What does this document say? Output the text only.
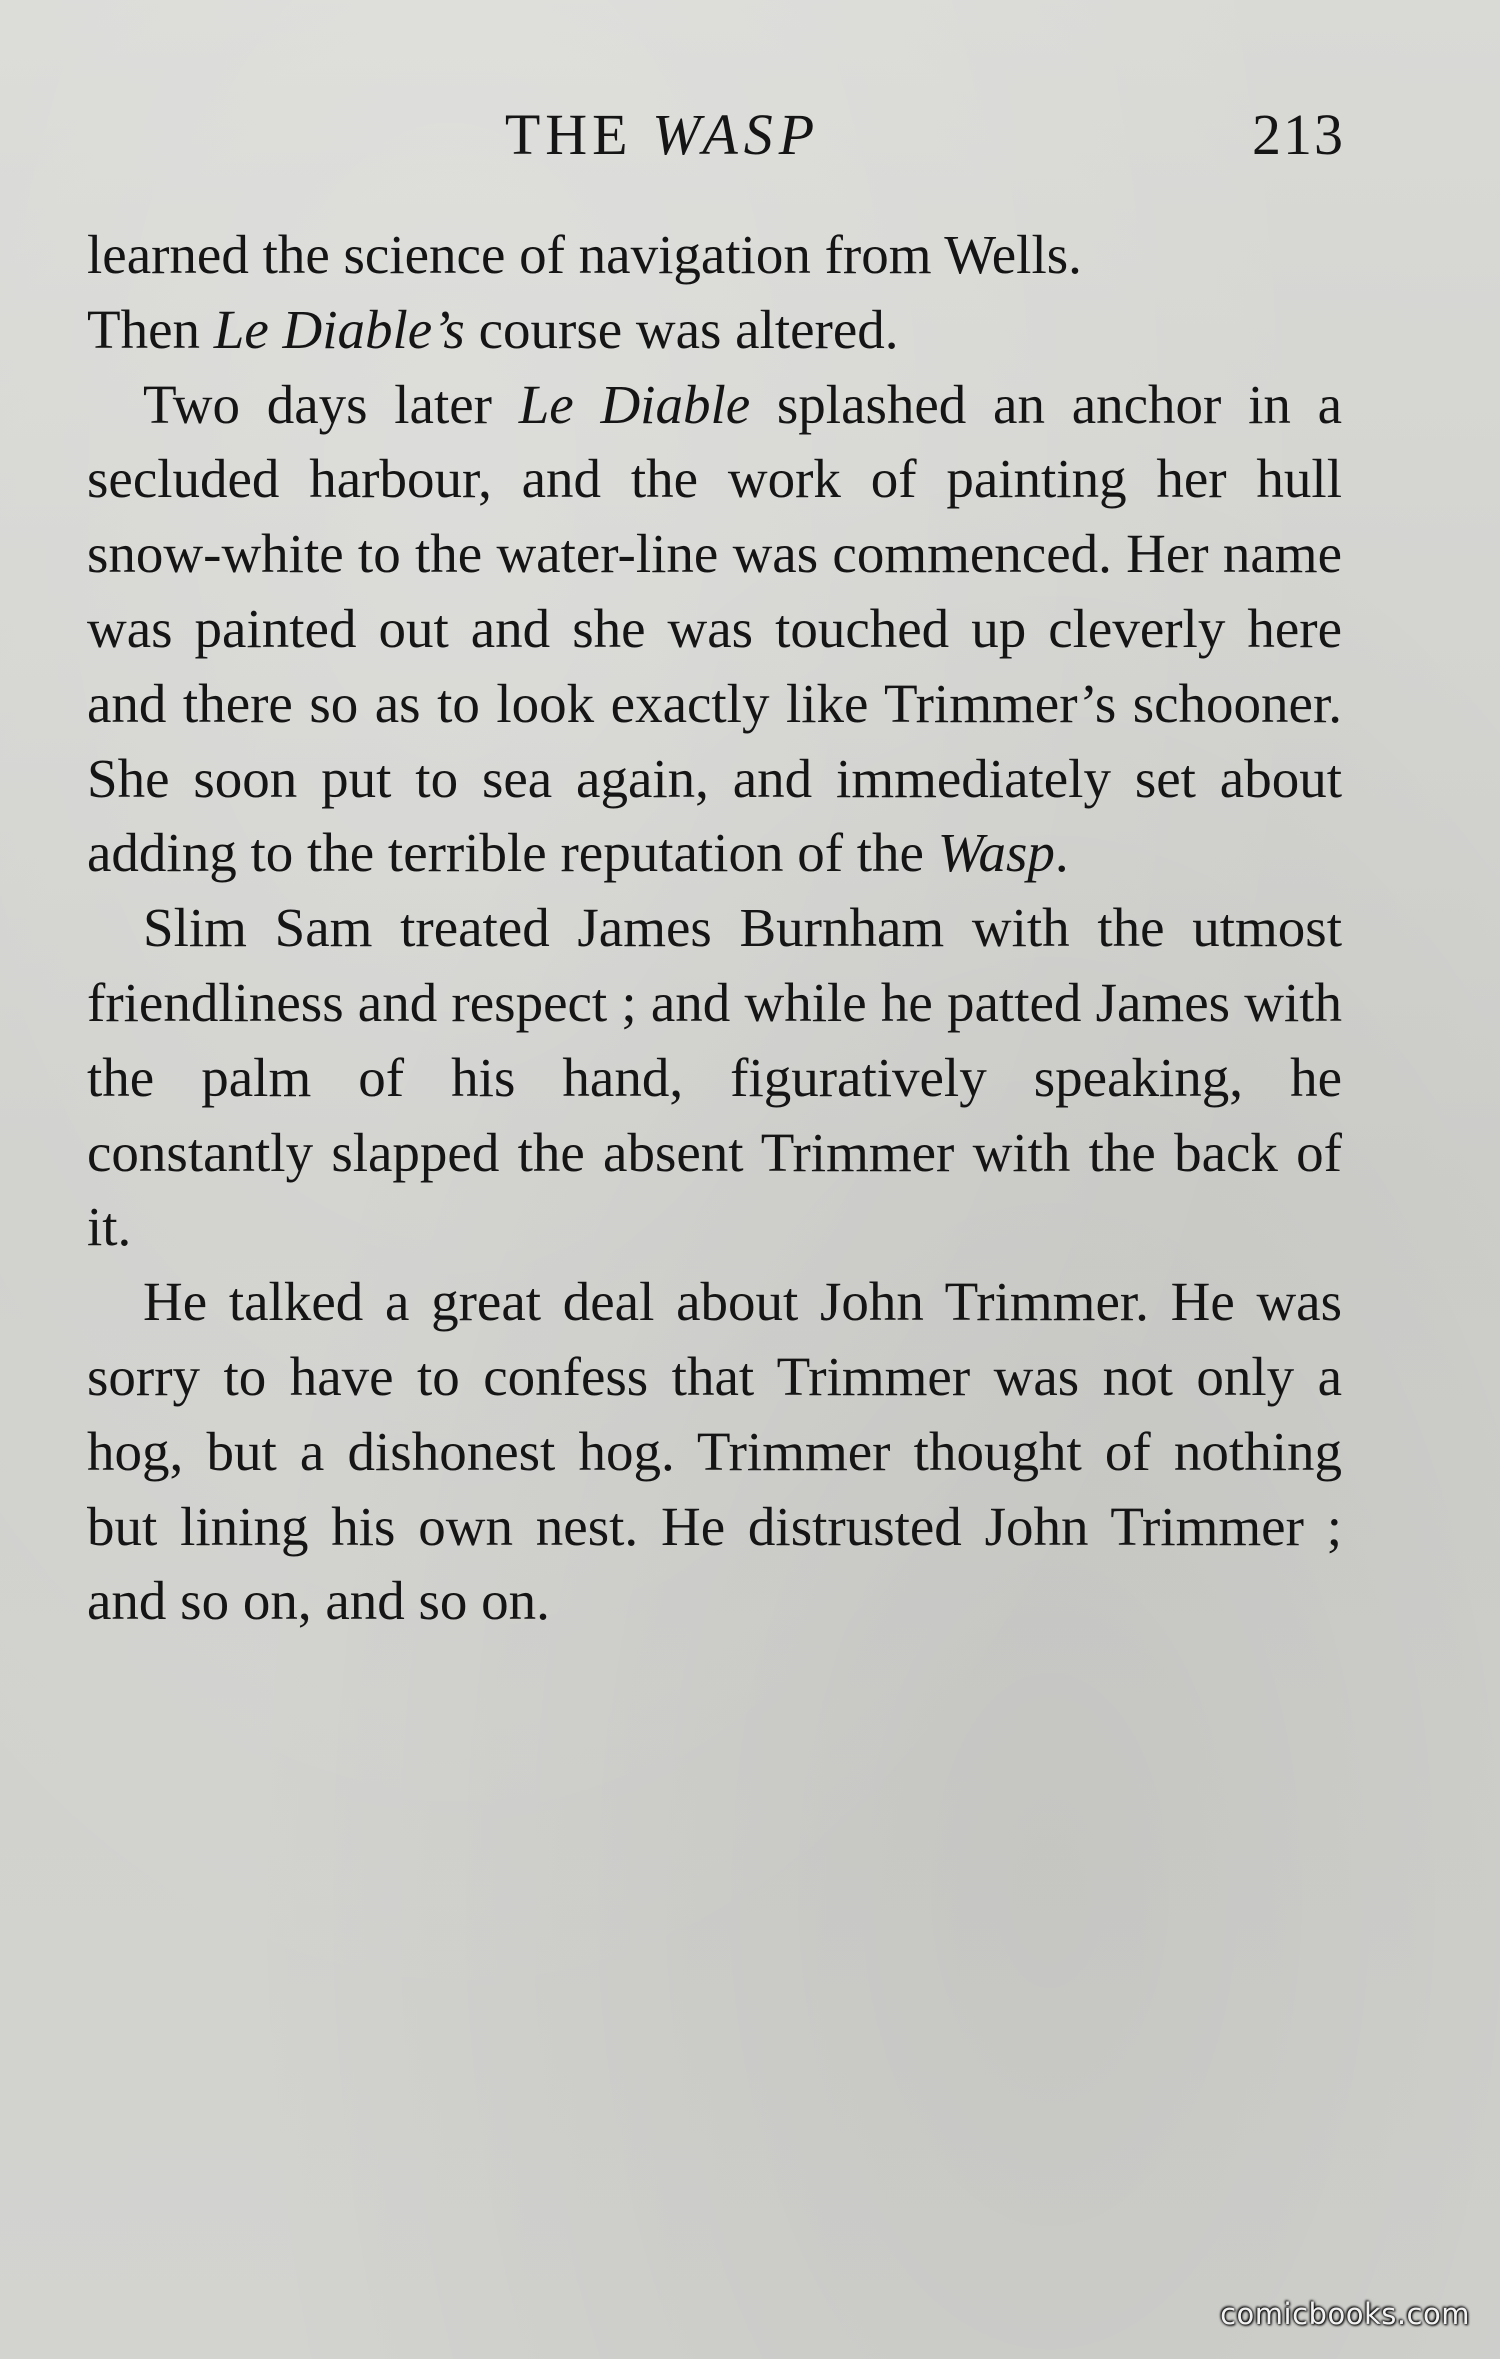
THE WASP	213

learned the science of navigation from Wells.

Then Le Diable’s course was altered.

Two days later Le Diable splashed an anchor in a secluded harbour, and the work of painting her hull snow-white to the water-line was commenced. Her name was painted out and she was touched up cleverly here and there so as to look exactly like Trimmer’s schooner. She soon put to sea again, and immediately set about adding to the terrible reputation of the Wasp.

Slim Sam treated James Burnham with the utmost friendliness and respect ; and while he patted James with the palm of his hand, figuratively speaking, he constantly slapped the absent Trimmer with the back of it.

He talked a great deal about John Trimmer. He was sorry to have to confess that Trimmer was not only a hog, but a dishonest hog. Trimmer thought of nothing but lining his own nest. He distrusted John Trimmer ; and so on, and so on.

comicbooks.com
